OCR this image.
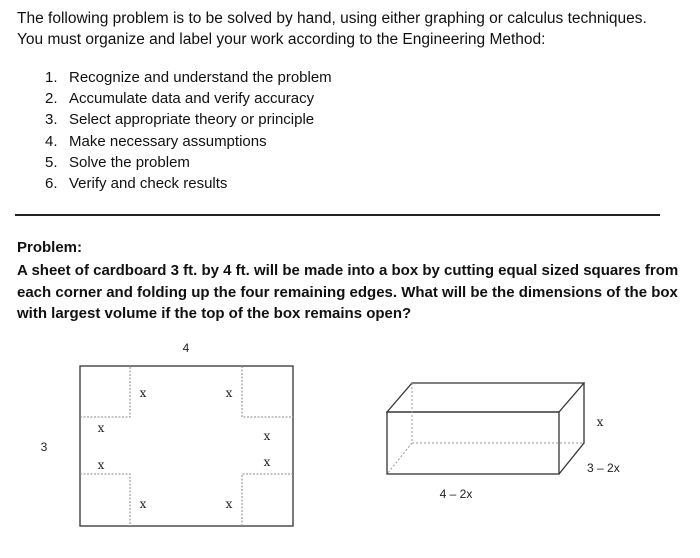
The following problem is to be solved by hand, using either graphing or calculus techniques.

You must organize and label your work according to the Engineering Method:

1. Recognize and understand the problem
2. Accumulate data and verify accuracy
3. Select appropriate theory or principle
4. Make necessary assumptions
5. Solve the problem
6. Verify and check results
Problem:

A sheet of cardboard 3 ft. by 4 ft. will be made into a box by cutting equal sized squares from each corner and folding up the four remaining edges. What will be the dimensions of the box with largest volume if the top of the box remains open?

4
3
x	x
x
x
x	x
x	x
x
3 – 2x
4 – 2x
